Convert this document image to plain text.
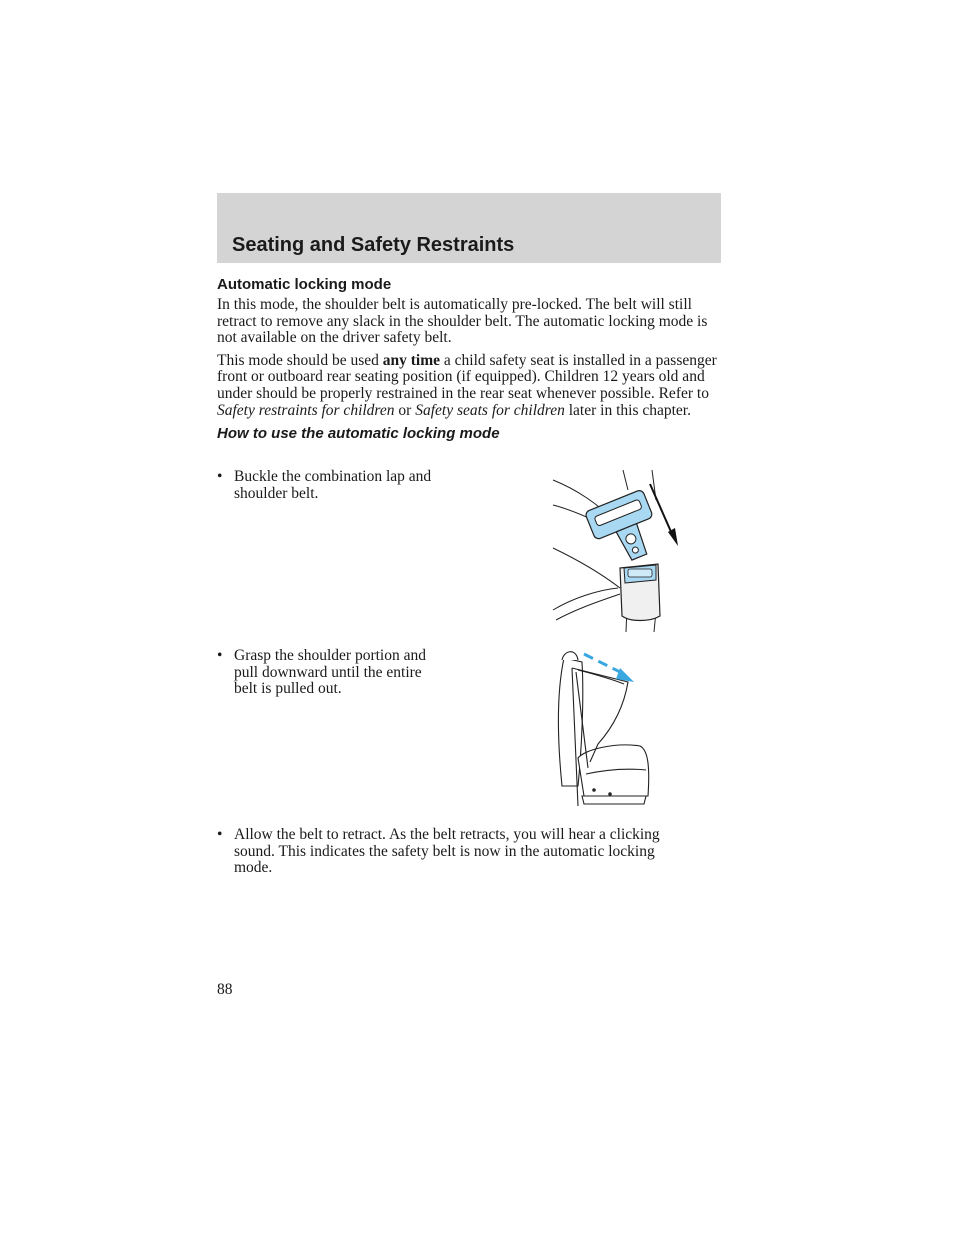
Seating and Safety Restraints
Automatic locking mode

In this mode, the shoulder belt is automatically pre-locked. The belt will still retract to remove any slack in the shoulder belt. The automatic locking mode is not available on the driver safety belt.

This mode should be used any time a child safety seat is installed in a passenger front or outboard rear seating position (if equipped). Children 12 years old and under should be properly restrained in the rear seat whenever possible. Refer to Safety restraints for children or Safety seats for children later in this chapter.

How to use the automatic locking mode
• Buckle the combination lap and
shoulder belt.
• Grasp the shoulder portion and
pull downward until the entire
belt is pulled out.
• Allow the belt to retract. As the belt retracts, you will hear a clicking
sound. This indicates the safety belt is now in the automatic locking
mode.
88
